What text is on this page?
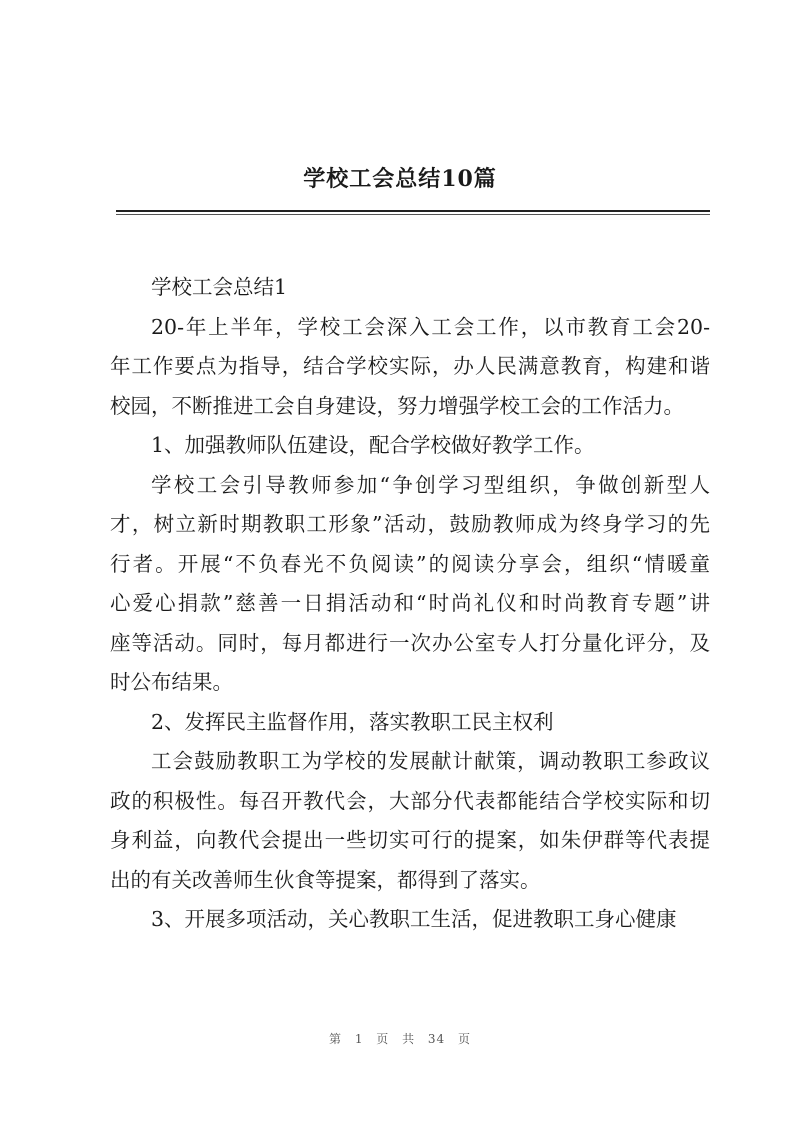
学校工会总结10篇
学校工会总结1
20-年上半年，学校工会深入工会工作，以市教育工会20-
年工作要点为指导，结合学校实际，办人民满意教育，构建和谐
校园，不断推进工会自身建设，努力增强学校工会的工作活力。
1、加强教师队伍建设，配合学校做好教学工作。
学校工会引导教师参加“争创学习型组织，争做创新型人
才，树立新时期教职工形象”活动，鼓励教师成为终身学习的先
行者。开展“不负春光不负阅读”的阅读分享会，组织“情暖童
心爱心捐款”慈善一日捐活动和“时尚礼仪和时尚教育专题”讲
座等活动。同时，每月都进行一次办公室专人打分量化评分，及
时公布结果。
2、发挥民主监督作用，落实教职工民主权利
工会鼓励教职工为学校的发展献计献策，调动教职工参政议
政的积极性。每召开教代会，大部分代表都能结合学校实际和切
身利益，向教代会提出一些切实可行的提案，如朱伊群等代表提
出的有关改善师生伙食等提案，都得到了落实。
3、开展多项活动，关心教职工生活，促进教职工身心健康
第 1 页 共 34 页
